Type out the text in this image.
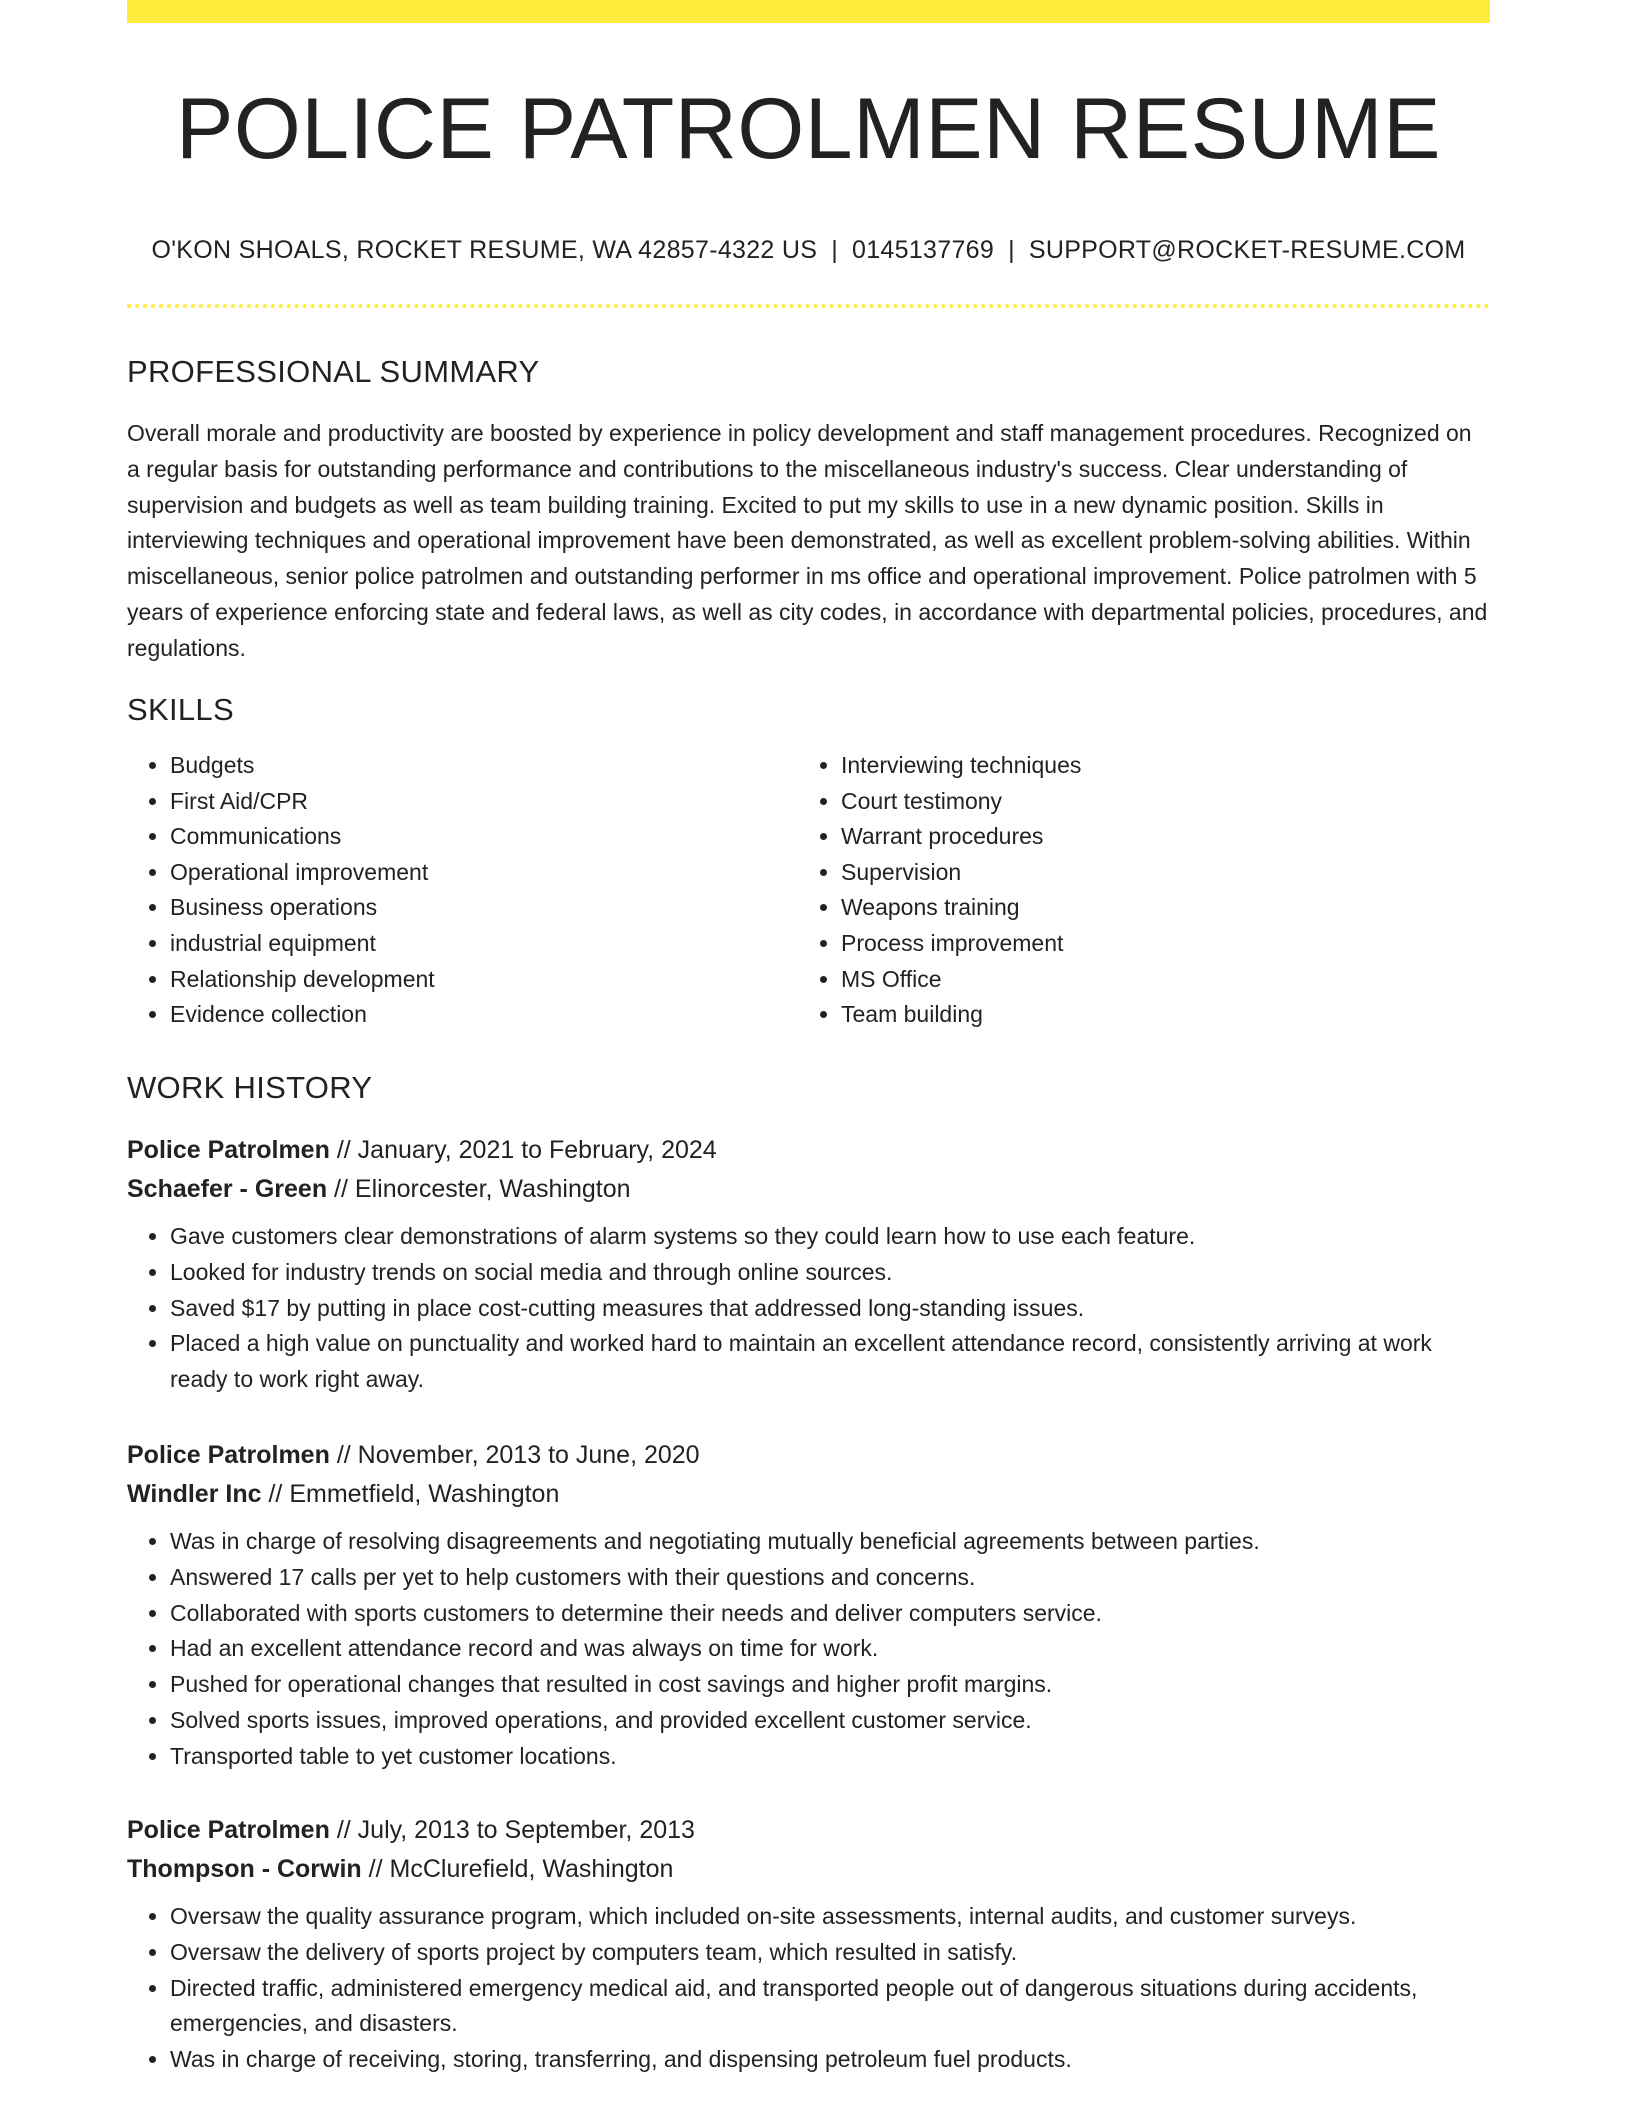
POLICE PATROLMEN RESUME
O'KON SHOALS, ROCKET RESUME, WA 42857-4322 US | 0145137769 | SUPPORT@ROCKET-RESUME.COM
PROFESSIONAL SUMMARY

Overall morale and productivity are boosted by experience in policy development and staff management procedures. Recognized on a regular basis for outstanding performance and contributions to the miscellaneous industry's success. Clear understanding of supervision and budgets as well as team building training. Excited to put my skills to use in a new dynamic position. Skills in interviewing techniques and operational improvement have been demonstrated, as well as excellent problem-solving abilities. Within miscellaneous, senior police patrolmen and outstanding performer in ms office and operational improvement. Police patrolmen with 5 years of experience enforcing state and federal laws, as well as city codes, in accordance with departmental policies, procedures, and regulations.

SKILLS
• Budgets
• First Aid/CPR
• Communications
• Operational improvement
• Business operations
• industrial equipment
• Relationship development
• Evidence collection
• Interviewing techniques
• Court testimony
• Warrant procedures
• Supervision
• Weapons training
• Process improvement
• MS Office
• Team building
WORK HISTORY
Police Patrolmen // January, 2021 to February, 2024
Schaefer - Green // Elinorcester, Washington
• Gave customers clear demonstrations of alarm systems so they could learn how to use each feature.
• Looked for industry trends on social media and through online sources.
• Saved $17 by putting in place cost-cutting measures that addressed long-standing issues.
• Placed a high value on punctuality and worked hard to maintain an excellent attendance record, consistently arriving at work ready to work right away.
Police Patrolmen // November, 2013 to June, 2020
Windler Inc // Emmetfield, Washington
• Was in charge of resolving disagreements and negotiating mutually beneficial agreements between parties.
• Answered 17 calls per yet to help customers with their questions and concerns.
• Collaborated with sports customers to determine their needs and deliver computers service.
• Had an excellent attendance record and was always on time for work.
• Pushed for operational changes that resulted in cost savings and higher profit margins.
• Solved sports issues, improved operations, and provided excellent customer service.
• Transported table to yet customer locations.
Police Patrolmen // July, 2013 to September, 2013
Thompson - Corwin // McClurefield, Washington
• Oversaw the quality assurance program, which included on-site assessments, internal audits, and customer surveys.
• Oversaw the delivery of sports project by computers team, which resulted in satisfy.
• Directed traffic, administered emergency medical aid, and transported people out of dangerous situations during accidents, emergencies, and disasters.
• Was in charge of receiving, storing, transferring, and dispensing petroleum fuel products.
